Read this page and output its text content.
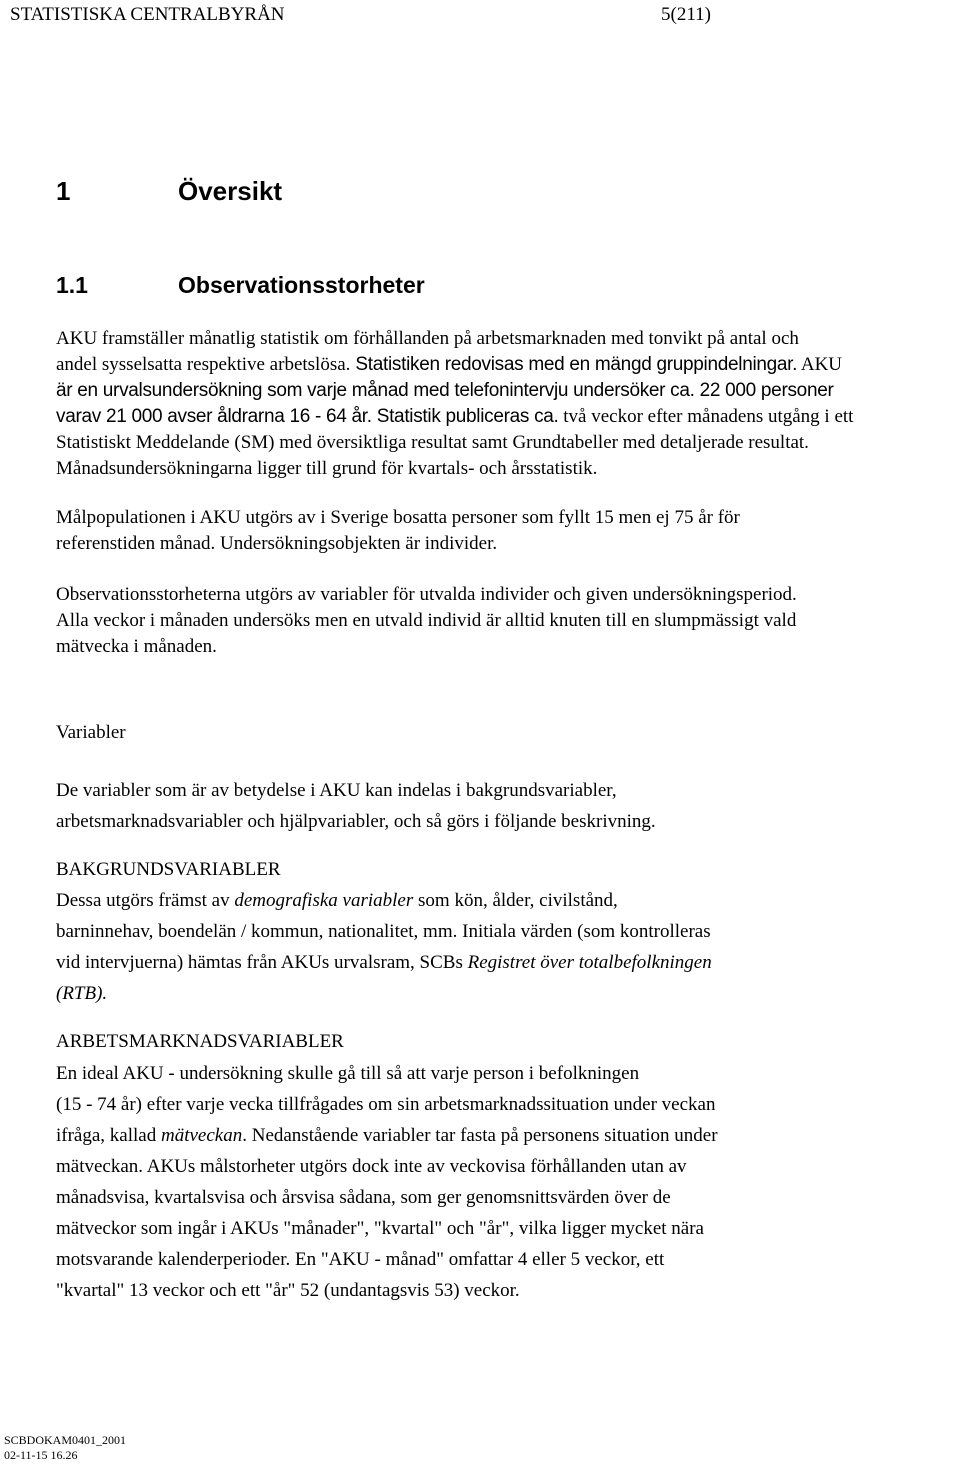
STATISTISKA CENTRALBYRÅN	5(211)
1	Översikt
1.1	Observationsstorheter
AKU framställer månatlig statistik om förhållanden på arbetsmarknaden med tonvikt på antal och
andel sysselsatta respektive arbetslösa. Statistiken redovisas med en mängd gruppindelningar. AKU
är en urvalsundersökning som varje månad med telefonintervju undersöker ca. 22 000 personer
varav 21 000 avser åldrarna 16 - 64 år. Statistik publiceras ca. två veckor efter månadens utgång i ett
Statistiskt Meddelande (SM) med översiktliga resultat samt Grundtabeller med detaljerade resultat.
Månadsundersökningarna ligger till grund för kvartals- och årsstatistik.
Målpopulationen i AKU utgörs av i Sverige bosatta personer som fyllt 15 men ej 75 år för
referenstiden månad. Undersökningsobjekten är individer.
Observationsstorheterna utgörs av variabler för utvalda individer och given undersökningsperiod.
Alla veckor i månaden undersöks men en utvald individ är alltid knuten till en slumpmässigt vald
mätvecka i månaden.
Variabler
De variabler som är av betydelse i AKU kan indelas i bakgrundsvariabler,
arbetsmarknadsvariabler och hjälpvariabler, och så görs i följande beskrivning.
BAKGRUNDSVARIABLER
Dessa utgörs främst av demografiska variabler som kön, ålder, civilstånd,
barninnehav, boendelän / kommun, nationalitet, mm. Initiala värden (som kontrolleras
vid intervjuerna) hämtas från AKUs urvalsram, SCBs Registret över totalbefolkningen
(RTB).
ARBETSMARKNADSVARIABLER
En ideal AKU - undersökning skulle gå till så att varje person i befolkningen
(15 - 74 år) efter varje vecka tillfrågades om sin arbetsmarknadssituation under veckan
ifråga, kallad mätveckan. Nedanstående variabler tar fasta på personens situation under
mätveckan. AKUs målstorheter utgörs dock inte av veckovisa förhållanden utan av
månadsvisa, kvartalsvisa och årsvisa sådana, som ger genomsnittsvärden över de
mätveckor som ingår i AKUs "månader", "kvartal" och "år", vilka ligger mycket nära
motsvarande kalenderperioder. En "AKU - månad" omfattar 4 eller 5 veckor, ett
"kvartal" 13 veckor och ett "år" 52 (undantagsvis 53) veckor.
SCBDOKAM0401_2001
02-11-15 16.26
